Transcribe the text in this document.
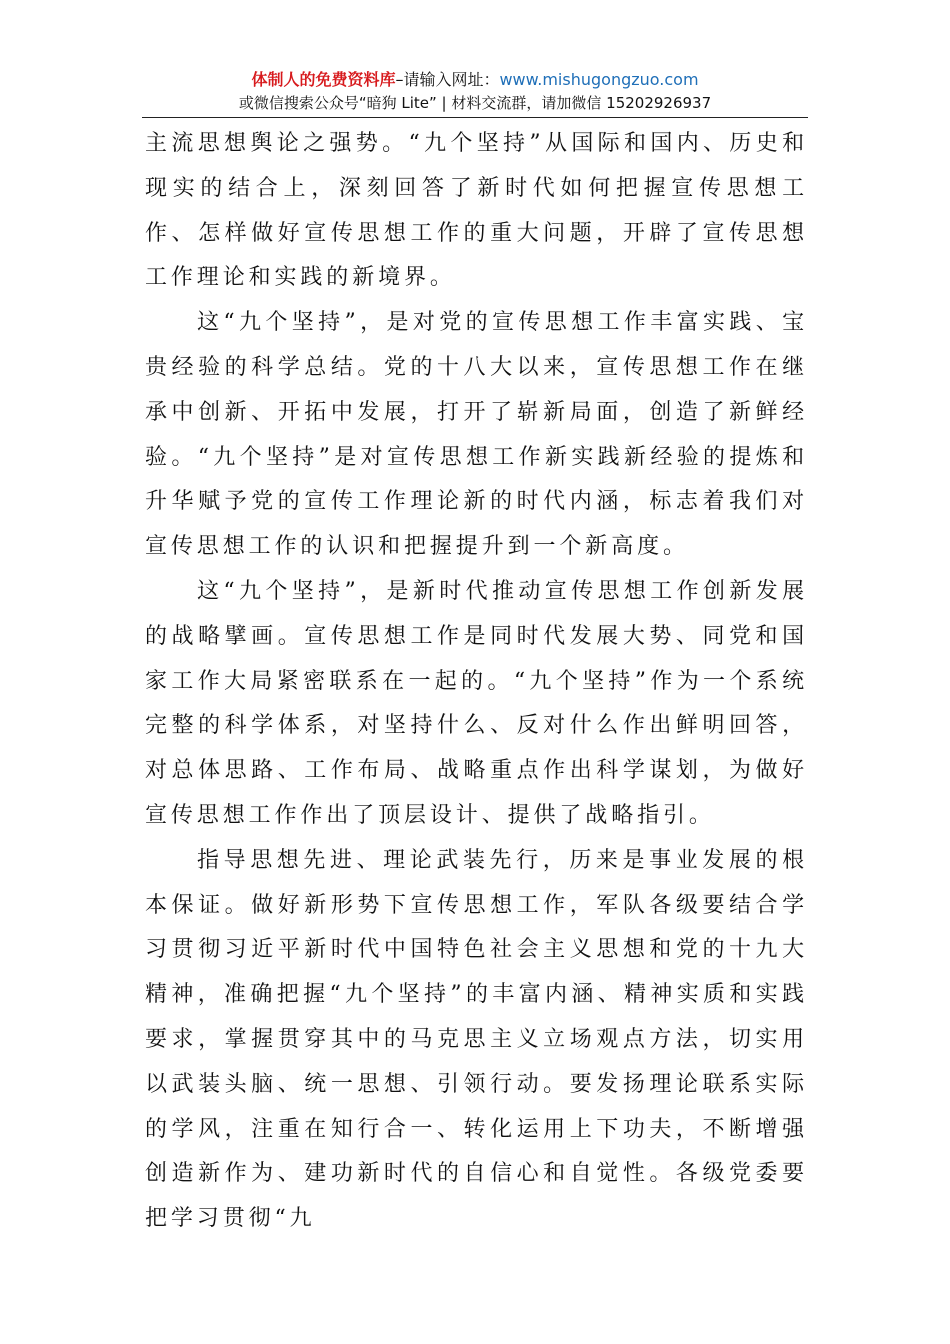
体制人的免费资料库–请输入网址：www.mishugongzuo.com
或微信搜索公众号“暗狗 Lite” | 材料交流群，请加微信 15202926937

主流思想舆论之强势。“九个坚持”从国际和国内、历史和现实的结合上，深刻回答了新时代如何把握宣传思想工作、怎样做好宣传思想工作的重大问题，开辟了宣传思想工作理论和实践的新境界。

这“九个坚持”，是对党的宣传思想工作丰富实践、宝贵经验的科学总结。党的十八大以来，宣传思想工作在继承中创新、开拓中发展，打开了崭新局面，创造了新鲜经验。“九个坚持”是对宣传思想工作新实践新经验的提炼和升华赋予党的宣传工作理论新的时代内涵，标志着我们对宣传思想工作的认识和把握提升到一个新高度。

这“九个坚持”，是新时代推动宣传思想工作创新发展的战略擘画。宣传思想工作是同时代发展大势、同党和国家工作大局紧密联系在一起的。“九个坚持”作为一个系统完整的科学体系，对坚持什么、反对什么作出鲜明回答，对总体思路、工作布局、战略重点作出科学谋划，为做好宣传思想工作作出了顶层设计、提供了战略指引。

指导思想先进、理论武装先行，历来是事业发展的根本保证。做好新形势下宣传思想工作，军队各级要结合学习贯彻习近平新时代中国特色社会主义思想和党的十九大精神，准确把握“九个坚持”的丰富内涵、精神实质和实践要求，掌握贯穿其中的马克思主义立场观点方法，切实用以武装头脑、统一思想、引领行动。要发扬理论联系实际的学风，注重在知行合一、转化运用上下功夫，不断增强创造新作为、建功新时代的自信心和自觉性。各级党委要把学习贯彻“九
